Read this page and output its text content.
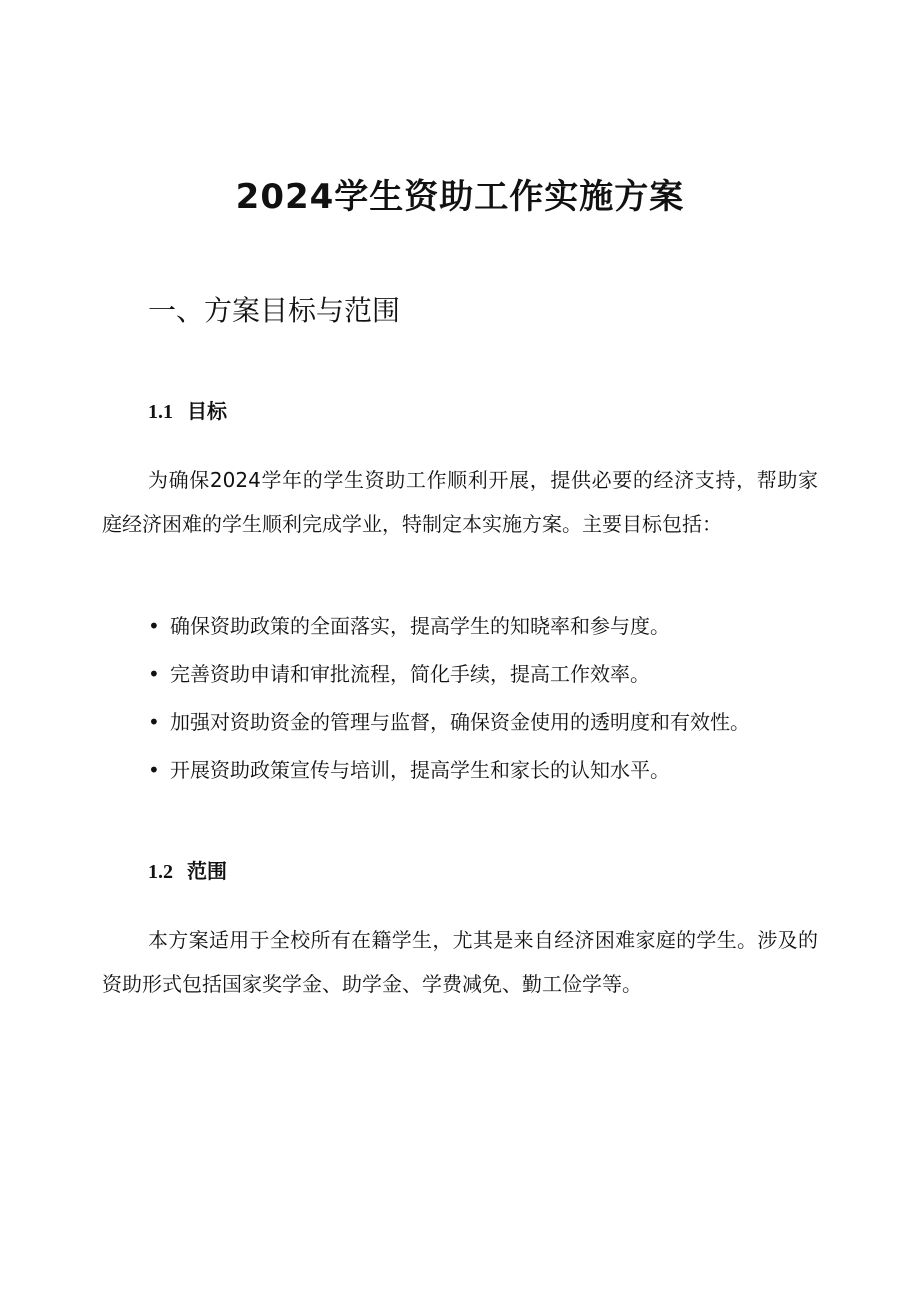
2024学生资助工作实施方案
一、方案目标与范围
1.1 目标

为确保2024学年的学生资助工作顺利开展，提供必要的经济支持，帮助家庭经济困难的学生顺利完成学业，特制定本实施方案。主要目标包括：

• 确保资助政策的全面落实，提高学生的知晓率和参与度。
• 完善资助申请和审批流程，简化手续，提高工作效率。
• 加强对资助资金的管理与监督，确保资金使用的透明度和有效性。
• 开展资助政策宣传与培训，提高学生和家长的认知水平。
1.2 范围

本方案适用于全校所有在籍学生，尤其是来自经济困难家庭的学生。涉及的资助形式包括国家奖学金、助学金、学费减免、勤工俭学等。
